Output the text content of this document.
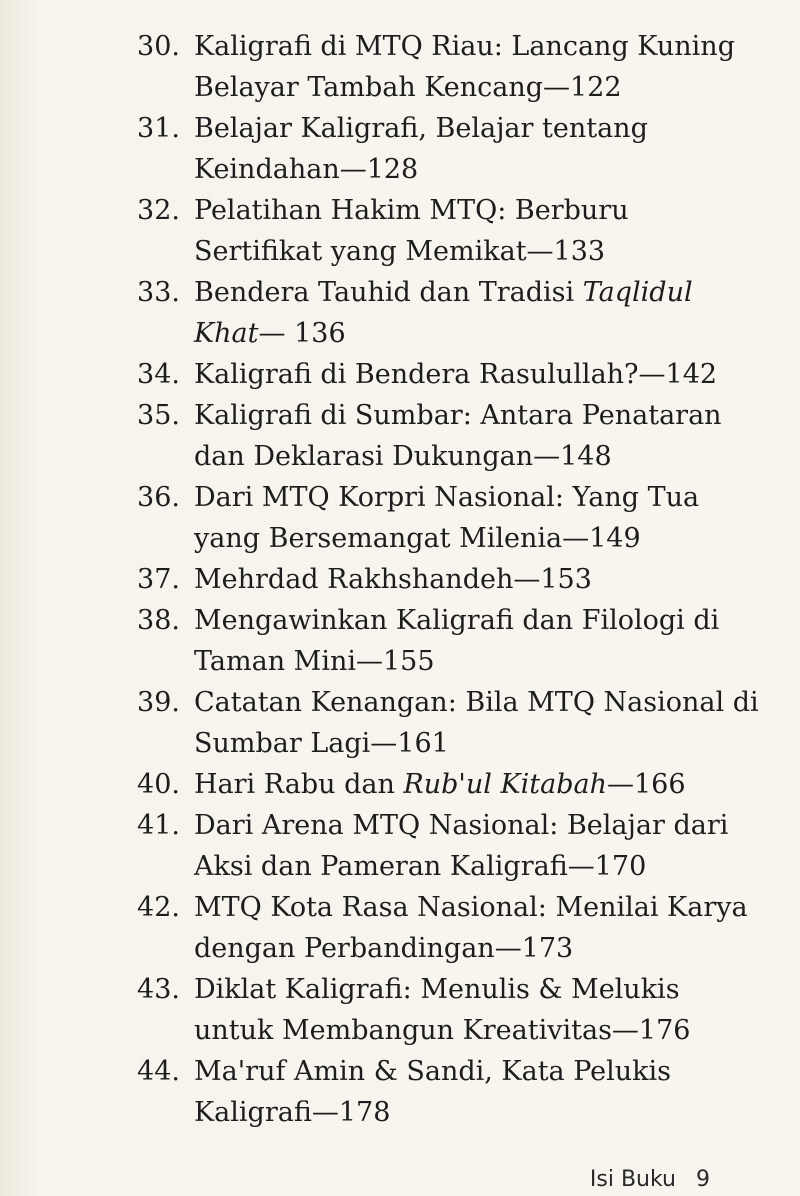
30. Kaligrafi di MTQ Riau: Lancang Kuning Belayar Tambah Kencang—122
31. Belajar Kaligrafi, Belajar tentang Keindahan—128
32. Pelatihan Hakim MTQ: Berburu Sertifikat yang Memikat—133
33. Bendera Tauhid dan Tradisi Taqlidul Khat— 136
34. Kaligrafi di Bendera Rasulullah?—142
35. Kaligrafi di Sumbar: Antara Penataran dan Deklarasi Dukungan—148
36. Dari MTQ Korpri Nasional: Yang Tua yang Bersemangat Milenia—149
37. Mehrdad Rakhshandeh—153
38. Mengawinkan Kaligrafi dan Filologi di Taman Mini—155
39. Catatan Kenangan: Bila MTQ Nasional di Sumbar Lagi—161
40. Hari Rabu dan Rub'ul Kitabah—166
41. Dari Arena MTQ Nasional: Belajar dari Aksi dan Pameran Kaligrafi—170
42. MTQ Kota Rasa Nasional: Menilai Karya dengan Perbandingan—173
43. Diklat Kaligrafi: Menulis & Melukis untuk Membangun Kreativitas—176
44. Ma'ruf Amin & Sandi, Kata Pelukis Kaligrafi—178
Isi Buku 9
